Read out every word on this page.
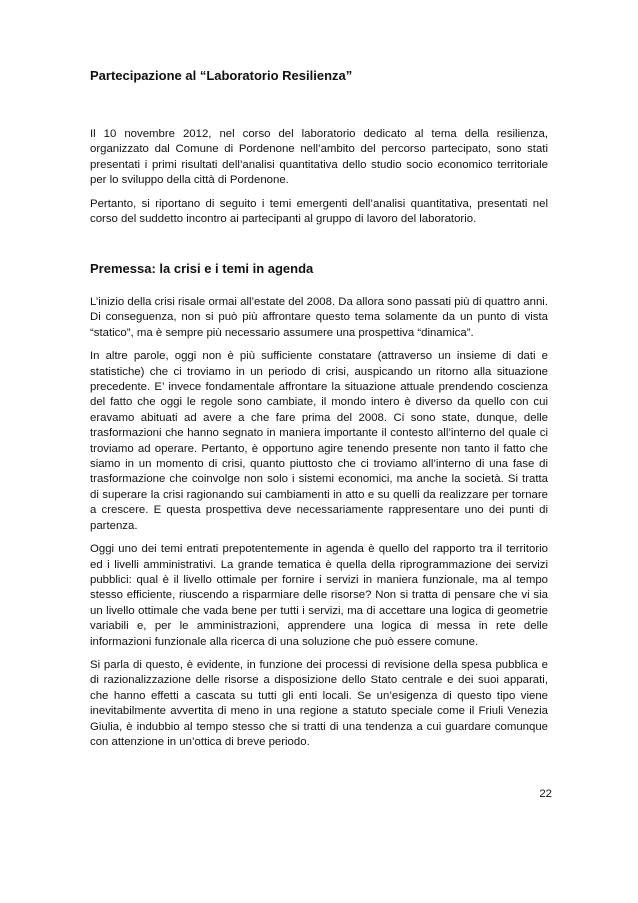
Partecipazione al “Laboratorio Resilienza”

Il 10 novembre 2012, nel corso del laboratorio dedicato al tema della resilienza, organizzato dal Comune di Pordenone nell’ambito del percorso partecipato, sono stati presentati i primi risultati dell’analisi quantitativa dello studio socio economico territoriale per lo sviluppo della città di Pordenone.

Pertanto, si riportano di seguito i temi emergenti dell’analisi quantitativa, presentati nel corso del suddetto incontro ai partecipanti al gruppo di lavoro del laboratorio.

Premessa: la crisi e i temi in agenda

L’inizio della crisi risale ormai all’estate del 2008. Da allora sono passati più di quattro anni. Di conseguenza, non si può più affrontare questo tema solamente da un punto di vista “statico”, ma è sempre più necessario assumere una prospettiva “dinamica”.

In altre parole, oggi non è più sufficiente constatare (attraverso un insieme di dati e statistiche) che ci troviamo in un periodo di crisi, auspicando un ritorno alla situazione precedente. E’ invece fondamentale affrontare la situazione attuale prendendo coscienza del fatto che oggi le regole sono cambiate, il mondo intero è diverso da quello con cui eravamo abituati ad avere a che fare prima del 2008. Ci sono state, dunque, delle trasformazioni che hanno segnato in maniera importante il contesto all’interno del quale ci troviamo ad operare. Pertanto, è opportuno agire tenendo presente non tanto il fatto che siamo in un momento di crisi, quanto piuttosto che ci troviamo all’interno di una fase di trasformazione che coinvolge non solo i sistemi economici, ma anche la società. Si tratta di superare la crisi ragionando sui cambiamenti in atto e su quelli da realizzare per tornare a crescere. E questa prospettiva deve necessariamente rappresentare uno dei punti di partenza.

Oggi uno dei temi entrati prepotentemente in agenda è quello del rapporto tra il territorio ed i livelli amministrativi. La grande tematica è quella della riprogrammazione dei servizi pubblici: qual è il livello ottimale per fornire i servizi in maniera funzionale, ma al tempo stesso efficiente, riuscendo a risparmiare delle risorse? Non si tratta di pensare che vi sia un livello ottimale che vada bene per tutti i servizi, ma di accettare una logica di geometrie variabili e, per le amministrazioni, apprendere una logica di messa in rete delle informazioni funzionale alla ricerca di una soluzione che può essere comune.

Si parla di questo, è evidente, in funzione dei processi di revisione della spesa pubblica e di razionalizzazione delle risorse a disposizione dello Stato centrale e dei suoi apparati, che hanno effetti a cascata su tutti gli enti locali. Se un’esigenza di questo tipo viene inevitabilmente avvertita di meno in una regione a statuto speciale come il Friuli Venezia Giulia, è indubbio al tempo stesso che si tratti di una tendenza a cui guardare comunque con attenzione in un’ottica di breve periodo.

22
